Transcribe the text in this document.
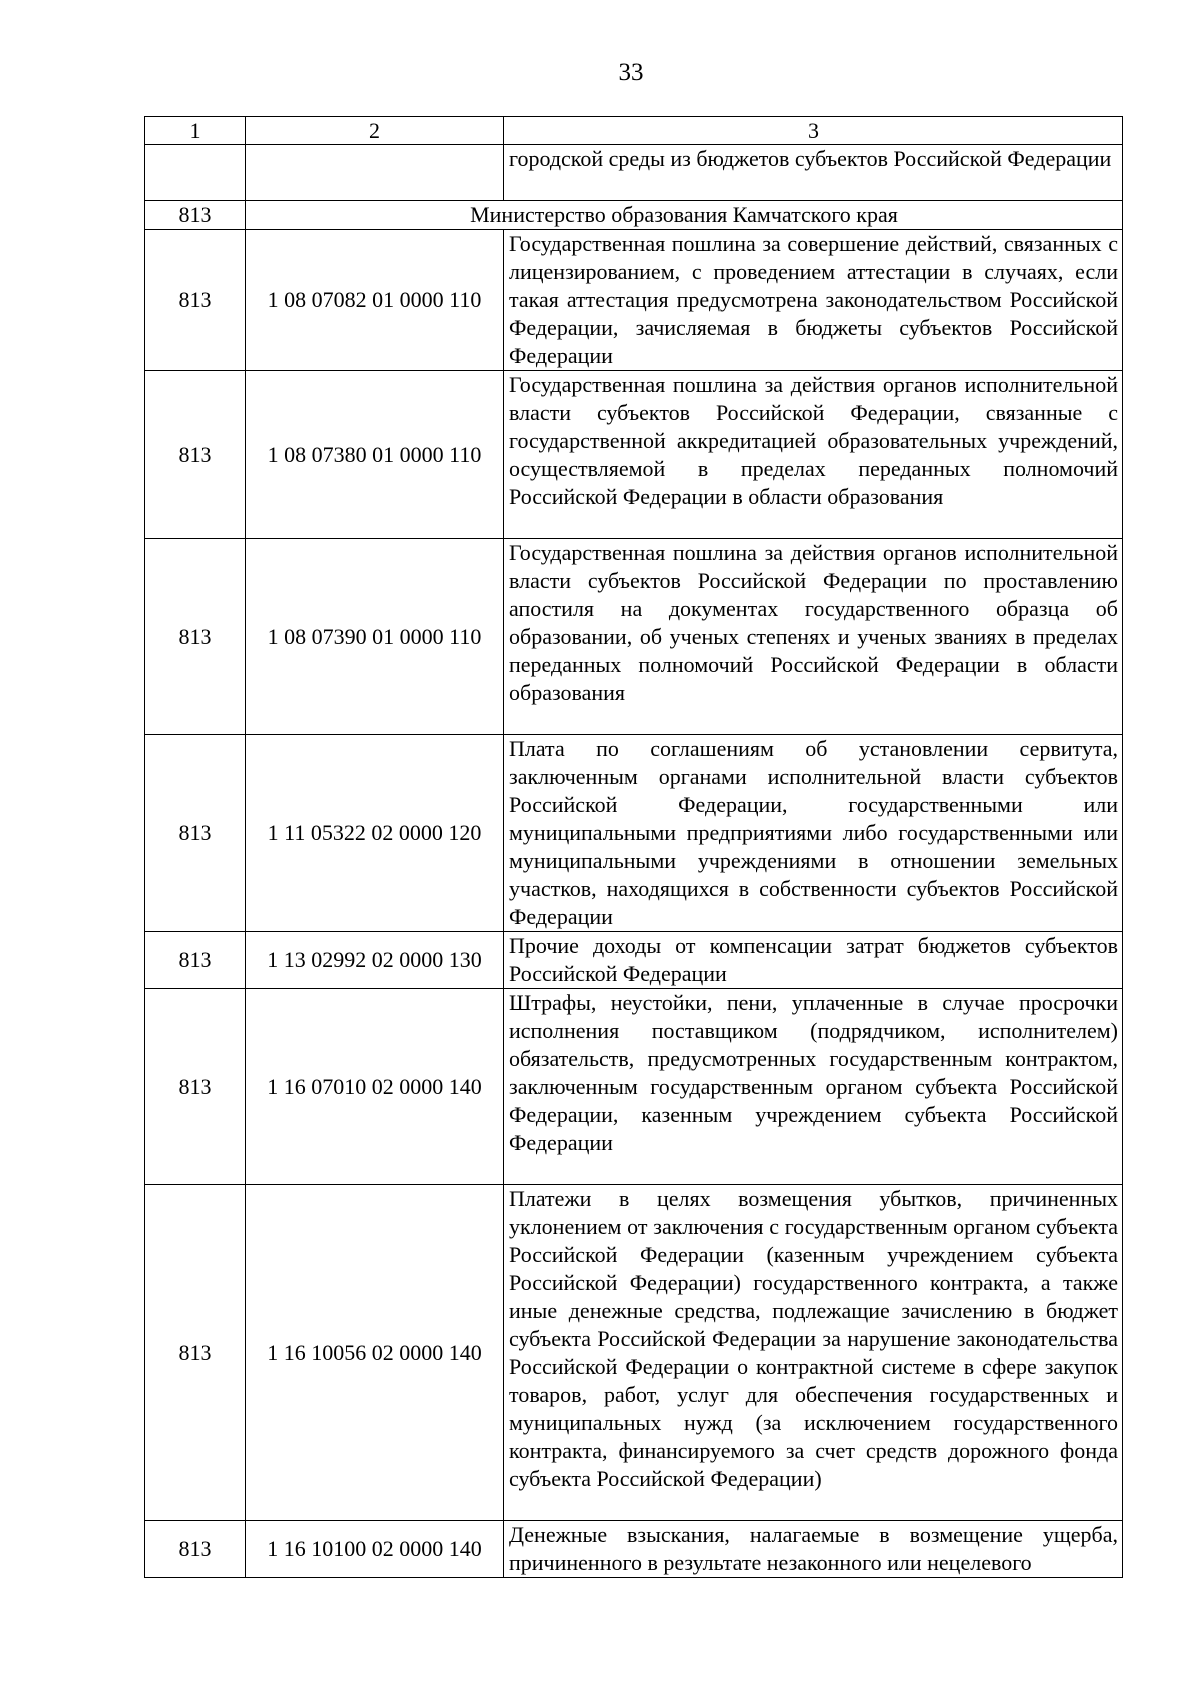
33
1	2	3
		городской среды из бюджетов субъектов Российской Федерации
813	Министерство образования Камчатского края	
813	1 08 07082 01 0000 110	Государственная пошлина за совершение действий, связанных с лицензированием, с проведением аттестации в случаях, если такая аттестация предусмотрена законодательством Российской Федерации, зачисляемая в бюджеты субъектов Российской Федерации
813	1 08 07380 01 0000 110	Государственная пошлина за действия органов исполнительной власти субъектов Российской Федерации, связанные с государственной аккредитацией образовательных учреждений, осуществляемой в пределах переданных полномочий Российской Федерации в области образования
813	1 08 07390 01 0000 110	Государственная пошлина за действия органов исполнительной власти субъектов Российской Федерации по проставлению апостиля на документах государственного образца об образовании, об ученых степенях и ученых званиях в пределах переданных полномочий Российской Федерации в области образования
813	1 11 05322 02 0000 120	Плата по соглашениям об установлении сервитута, заключенным органами исполнительной власти субъектов Российской Федерации, государственными или муниципальными предприятиями либо государственными или муниципальными учреждениями в отношении земельных участков, находящихся в собственности субъектов Российской Федерации
813	1 13 02992 02 0000 130	Прочие доходы от компенсации затрат бюджетов субъектов Российской Федерации
813	1 16 07010 02 0000 140	Штрафы, неустойки, пени, уплаченные в случае просрочки исполнения поставщиком (подрядчиком, исполнителем) обязательств, предусмотренных государственным контрактом, заключенным государственным органом субъекта Российской Федерации, казенным учреждением субъекта Российской Федерации
813	1 16 10056 02 0000 140	Платежи в целях возмещения убытков, причиненных уклонением от заключения с государственным органом субъекта Российской Федерации (казенным учреждением субъекта Российской Федерации) государственного контракта, а также иные денежные средства, подлежащие зачислению в бюджет субъекта Российской Федерации за нарушение законодательства Российской Федерации о контрактной системе в сфере закупок товаров, работ, услуг для обеспечения государственных и муниципальных нужд (за исключением государственного контракта, финансируемого за счет средств дорожного фонда субъекта Российской Федерации)
813	1 16 10100 02 0000 140	Денежные взыскания, налагаемые в возмещение ущерба, причиненного в результате незаконного или нецелевого
